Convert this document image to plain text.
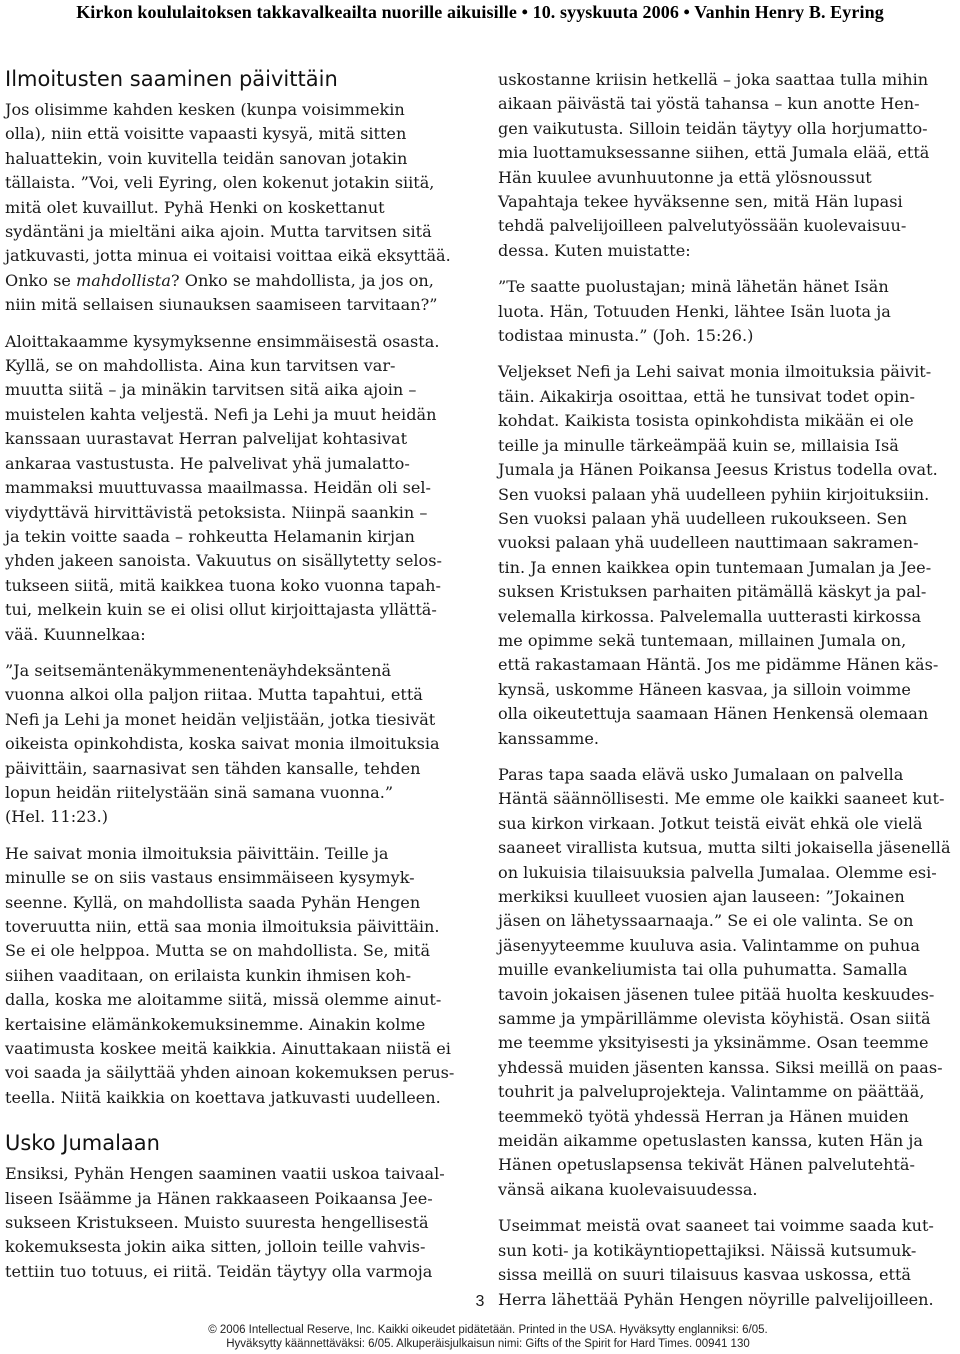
Kirkon koululaitoksen takkavalkeailta nuorille aikuisille • 10. syyskuuta 2006 • Vanhin Henry B. Eyring
Ilmoitusten saaminen päivittäin

Jos olisimme kahden kesken (kunpa voisimmekin
olla), niin että voisitte vapaasti kysyä, mitä sitten
haluattekin, voin kuvitella teidän sanovan jotakin
tällaista. ”Voi, veli Eyring, olen kokenut jotakin siitä,
mitä olet kuvaillut. Pyhä Henki on koskettanut
sydäntäni ja mieltäni aika ajoin. Mutta tarvitsen sitä
jatkuvasti, jotta minua ei voitaisi voittaa eikä eksyttää.
Onko se mahdollista? Onko se mahdollista, ja jos on,
niin mitä sellaisen siunauksen saamiseen tarvitaan?”

Aloittakaamme kysymyksenne ensimmäisestä osasta.
Kyllä, se on mahdollista. Aina kun tarvitsen var-
muutta siitä – ja minäkin tarvitsen sitä aika ajoin –
muistelen kahta veljestä. Nefi ja Lehi ja muut heidän
kanssaan uurastavat Herran palvelijat kohtasivat
ankaraa vastustusta. He palvelivat yhä jumalatto-
mammaksi muuttuvassa maailmassa. Heidän oli sel-
viydyttävä hirvittävistä petoksista. Niinpä saankin –
ja tekin voitte saada – rohkeutta Helamanin kirjan
yhden jakeen sanoista. Vakuutus on sisällytetty selos-
tukseen siitä, mitä kaikkea tuona koko vuonna tapah-
tui, melkein kuin se ei olisi ollut kirjoittajasta yllättä-
vää. Kuunnelkaa:

”Ja seitsemäntenäkymmenentenäyhdeksäntenä
vuonna alkoi olla paljon riitaa. Mutta tapahtui, että
Nefi ja Lehi ja monet heidän veljistään, jotka tiesivät
oikeista opinkohdista, koska saivat monia ilmoituksia
päivittäin, saarnasivat sen tähden kansalle, tehden
lopun heidän riitelystään sinä samana vuonna.”
(Hel. 11:23.)

He saivat monia ilmoituksia päivittäin. Teille ja
minulle se on siis vastaus ensimmäiseen kysymyk-
seenne. Kyllä, on mahdollista saada Pyhän Hengen
toveruutta niin, että saa monia ilmoituksia päivittäin.
Se ei ole helppoa. Mutta se on mahdollista. Se, mitä
siihen vaaditaan, on erilaista kunkin ihmisen koh-
dalla, koska me aloitamme siitä, missä olemme ainut-
kertaisine elämänkokemuksinemme. Ainakin kolme
vaatimusta koskee meitä kaikkia. Ainuttakaan niistä ei
voi saada ja säilyttää yhden ainoan kokemuksen perus-
teella. Niitä kaikkia on koettava jatkuvasti uudelleen.

Usko Jumalaan

Ensiksi, Pyhän Hengen saaminen vaatii uskoa taivaal-
liseen Isäämme ja Hänen rakkaaseen Poikaansa Jee-
sukseen Kristukseen. Muisto suuresta hengellisestä
kokemuksesta jokin aika sitten, jolloin teille vahvis-
tettiin tuo totuus, ei riitä. Teidän täytyy olla varmoja

uskostanne kriisin hetkellä – joka saattaa tulla mihin
aikaan päivästä tai yöstä tahansa – kun anotte Hen-
gen vaikutusta. Silloin teidän täytyy olla horjumatto-
mia luottamuksessanne siihen, että Jumala elää, että
Hän kuulee avunhuutonne ja että ylösnoussut
Vapahtaja tekee hyväksenne sen, mitä Hän lupasi
tehdä palvelijoilleen palvelutyössään kuolevaisuu-
dessa. Kuten muistatte:

”Te saatte puolustajan; minä lähetän hänet Isän
luota. Hän, Totuuden Henki, lähtee Isän luota ja
todistaa minusta.” (Joh. 15:26.)

Veljekset Nefi ja Lehi saivat monia ilmoituksia päivit-
täin. Aikakirja osoittaa, että he tunsivat todet opin-
kohdat. Kaikista tosista opinkohdista mikään ei ole
teille ja minulle tärkeämpää kuin se, millaisia Isä
Jumala ja Hänen Poikansa Jeesus Kristus todella ovat.
Sen vuoksi palaan yhä uudelleen pyhiin kirjoituksiin.
Sen vuoksi palaan yhä uudelleen rukoukseen. Sen
vuoksi palaan yhä uudelleen nauttimaan sakramen-
tin. Ja ennen kaikkea opin tuntemaan Jumalan ja Jee-
suksen Kristuksen parhaiten pitämällä käskyt ja pal-
velemalla kirkossa. Palvelemalla uutterasti kirkossa
me opimme sekä tuntemaan, millainen Jumala on,
että rakastamaan Häntä. Jos me pidämme Hänen käs-
kynsä, uskomme Häneen kasvaa, ja silloin voimme
olla oikeutettuja saamaan Hänen Henkensä olemaan
kanssamme.

Paras tapa saada elävä usko Jumalaan on palvella
Häntä säännöllisesti. Me emme ole kaikki saaneet kut-
sua kirkon virkaan. Jotkut teistä eivät ehkä ole vielä
saaneet virallista kutsua, mutta silti jokaisella jäsenellä
on lukuisia tilaisuuksia palvella Jumalaa. Olemme esi-
merkiksi kuulleet vuosien ajan lauseen: ”Jokainen
jäsen on lähetyssaarnaaja.” Se ei ole valinta. Se on
jäsenyyteemme kuuluva asia. Valintamme on puhua
muille evankeliumista tai olla puhumatta. Samalla
tavoin jokaisen jäsenen tulee pitää huolta keskuudes-
samme ja ympärillämme olevista köyhistä. Osan siitä
me teemme yksityisesti ja yksinämme. Osan teemme
yhdessä muiden jäsenten kanssa. Siksi meillä on paas-
touhrit ja palveluprojekteja. Valintamme on päättää,
teemmekö työtä yhdessä Herran ja Hänen muiden
meidän aikamme opetuslasten kanssa, kuten Hän ja
Hänen opetuslapsensa tekivät Hänen palvelutehtä-
vänsä aikana kuolevaisuudessa.

Useimmat meistä ovat saaneet tai voimme saada kut-
sun koti- ja kotikäyntiopettajiksi. Näissä kutsumuk-
sissa meillä on suuri tilaisuus kasvaa uskossa, että
Herra lähettää Pyhän Hengen nöyrille palvelijoilleen.

3
© 2006 Intellectual Reserve, Inc. Kaikki oikeudet pidätetään. Printed in the USA. Hyväksytty englanniksi: 6/05.
Hyväksytty käännettäväksi: 6/05. Alkuperäisjulkaisun nimi: Gifts of the Spirit for Hard Times. 00941 130
